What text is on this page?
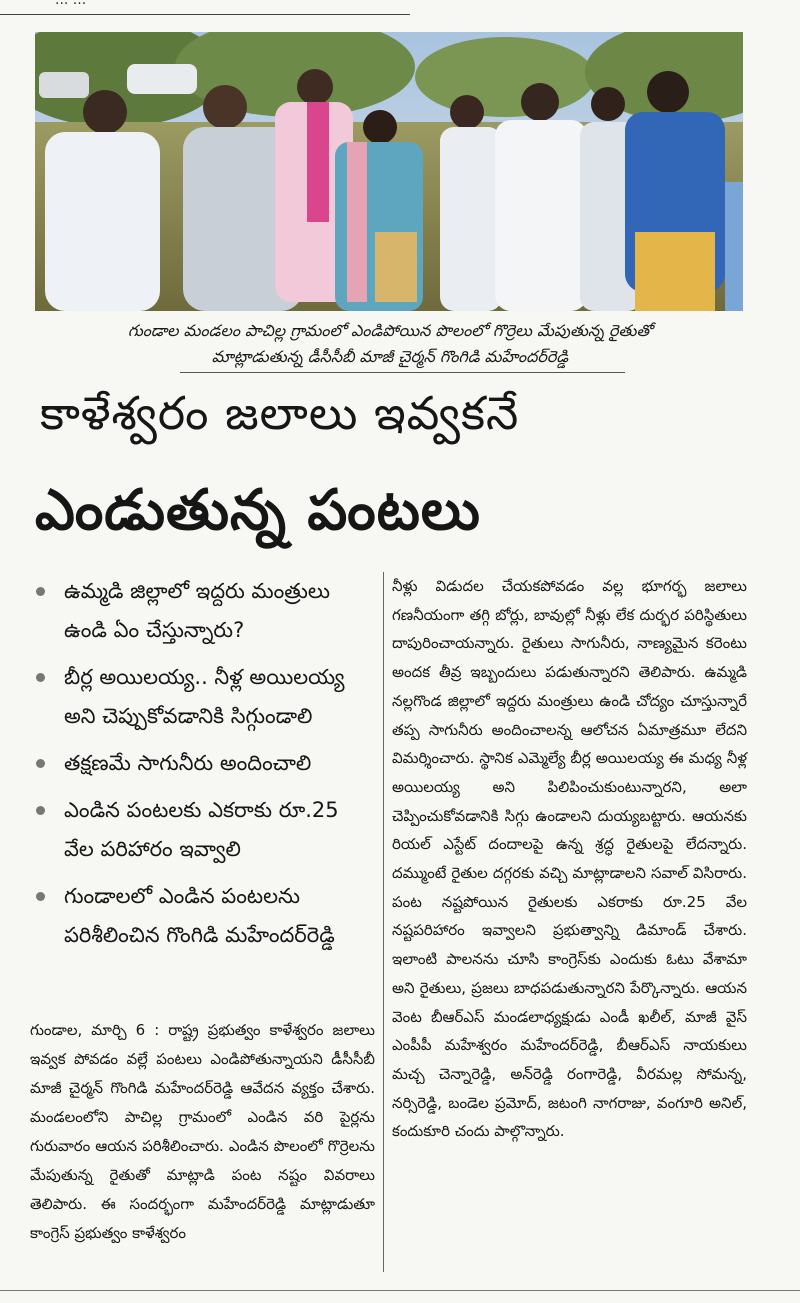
... ...
గుండాల మండలం పాచిల్ల గ్రామంలో ఎండిపోయిన పొలంలో గొర్రెలు మేపుతున్న రైతుతో
మాట్లాడుతున్న డీసీసీబీ మాజీ చైర్మన్ గొంగిడి మహేందర్‌రెడ్డి
కాళేశ్వరం జలాలు ఇవ్వకనే
ఎండుతున్న పంటలు
ఉమ్మడి జిల్లాలో ఇద్దరు మంత్రులు ఉండి ఏం చేస్తున్నారు?
బీర్ల అయిలయ్య.. నీళ్ల అయిలయ్య అని చెప్పుకోవడానికి సిగ్గుండాలి
తక్షణమే సాగునీరు అందించాలి
ఎండిన పంటలకు ఎకరాకు రూ.25 వేల పరిహారం ఇవ్వాలి
గుండాలలో ఎండిన పంటలను పరిశీలించిన గొంగిడి మహేందర్‌రెడ్డి
గుండాల, మార్చి 6 : రాష్ట్ర ప్రభుత్వం కాళేశ్వరం జలాలు ఇవ్వక పోవడం వల్లే పంటలు ఎండిపోతున్నాయని డీసీసీబీ మాజీ చైర్మన్ గొంగిడి మహేందర్‌రెడ్డి ఆవేదన వ్యక్తం చేశారు. మండలంలోని పాచిల్ల గ్రామంలో ఎండిన వరి పైర్లను గురువారం ఆయన పరిశీలించారు. ఎండిన పొలంలో గొర్రెలను మేపుతున్న రైతుతో మాట్లాడి పంట నష్టం వివరాలు తెలిపారు. ఈ సందర్భంగా మహేందర్‌రెడ్డి మాట్లాడుతూ కాంగ్రెస్ ప్రభుత్వం కాళేశ్వరం
నీళ్లు విడుదల చేయకపోవడం వల్ల భూగర్భ జలాలు గణనీయంగా తగ్గి బోర్లు, బావుల్లో నీళ్లు లేక దుర్భర పరిస్థితులు దాపురించాయన్నారు. రైతులు సాగునీరు, నాణ్యమైన కరెంటు అందక తీవ్ర ఇబ్బందులు పడుతున్నారని తెలిపారు. ఉమ్మడి నల్లగొండ జిల్లాలో ఇద్దరు మంత్రులు ఉండి చోద్యం చూస్తున్నారే తప్ప సాగునీరు అందించాలన్న ఆలోచన ఏమాత్రమూ లేదని విమర్శించారు. స్థానిక ఎమ్మెల్యే బీర్ల అయిలయ్య ఈ మధ్య నీళ్ల అయిలయ్య అని పిలిపించుకుంటున్నారని, అలా చెప్పించుకోవడానికి సిగ్గు ఉండాలని దుయ్యబట్టారు. ఆయనకు రియల్ ఎస్టేట్ దందాలపై ఉన్న శ్రద్ధ రైతులపై లేదన్నారు. దమ్ముంటే రైతుల దగ్గరకు వచ్చి మాట్లాడాలని సవాల్ విసిరారు. పంట నష్టపోయిన రైతులకు ఎకరాకు రూ.25 వేల నష్టపరిహారం ఇవ్వాలని ప్రభుత్వాన్ని డిమాండ్ చేశారు. ఇలాంటి పాలనను చూసి కాంగ్రెస్‌కు ఎందుకు ఓటు వేశామా అని రైతులు, ప్రజలు బాధపడుతున్నారని పేర్కొన్నారు. ఆయన వెంట బీఆర్‌ఎస్ మండలాధ్యక్షుడు ఎండీ ఖలీల్, మాజీ వైస్ ఎంపీపీ మహేశ్వరం మహేందర్‌రెడ్డి, బీఆర్‌ఎస్ నాయకులు మచ్చ చెన్నారెడ్డి, అన్‌రెడ్డి రంగారెడ్డి, వీరమల్ల సోమన్న, నర్సిరెడ్డి, బండెల ప్రమోద్, జటంగి నాగరాజు, వంగూరి అనిల్, కందుకూరి చందు పాల్గొన్నారు.
